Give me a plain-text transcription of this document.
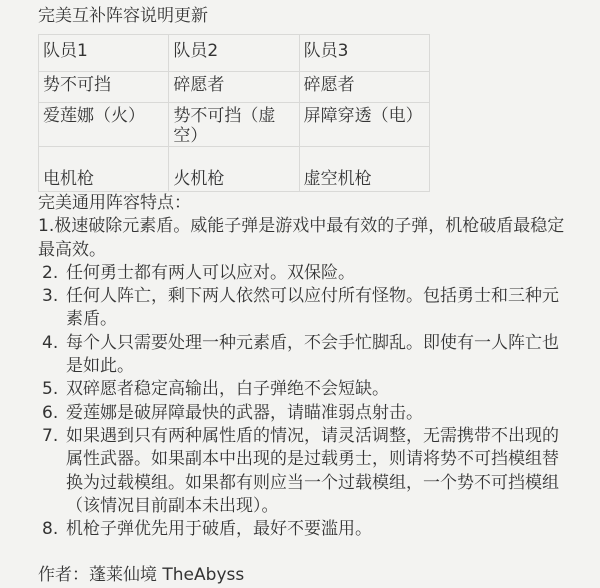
完美互补阵容说明更新
队员1	队员2	队员3
势不可挡	碎愿者	碎愿者
爱莲娜（火）	势不可挡（虚空）	屏障穿透（电）
电机枪	火机枪	虚空机枪
完美通用阵容特点：
1.极速破除元素盾。威能子弹是游戏中最有效的子弹，机枪破盾最稳定最高效。
2. 任何勇士都有两人可以应对。双保险。
3. 任何人阵亡，剩下两人依然可以应付所有怪物。包括勇士和三种元素盾。
4. 每个人只需要处理一种元素盾，不会手忙脚乱。即使有一人阵亡也是如此。
5. 双碎愿者稳定高输出，白子弹绝不会短缺。
6. 爱莲娜是破屏障最快的武器，请瞄准弱点射击。
7. 如果遇到只有两种属性盾的情况，请灵活调整，无需携带不出现的属性武器。如果副本中出现的是过载勇士，则请将势不可挡模组替换为过载模组。如果都有则应当一个过载模组，一个势不可挡模组（该情况目前副本未出现）。
8. 机枪子弹优先用于破盾，最好不要滥用。
作者：蓬莱仙境 TheAbyss
